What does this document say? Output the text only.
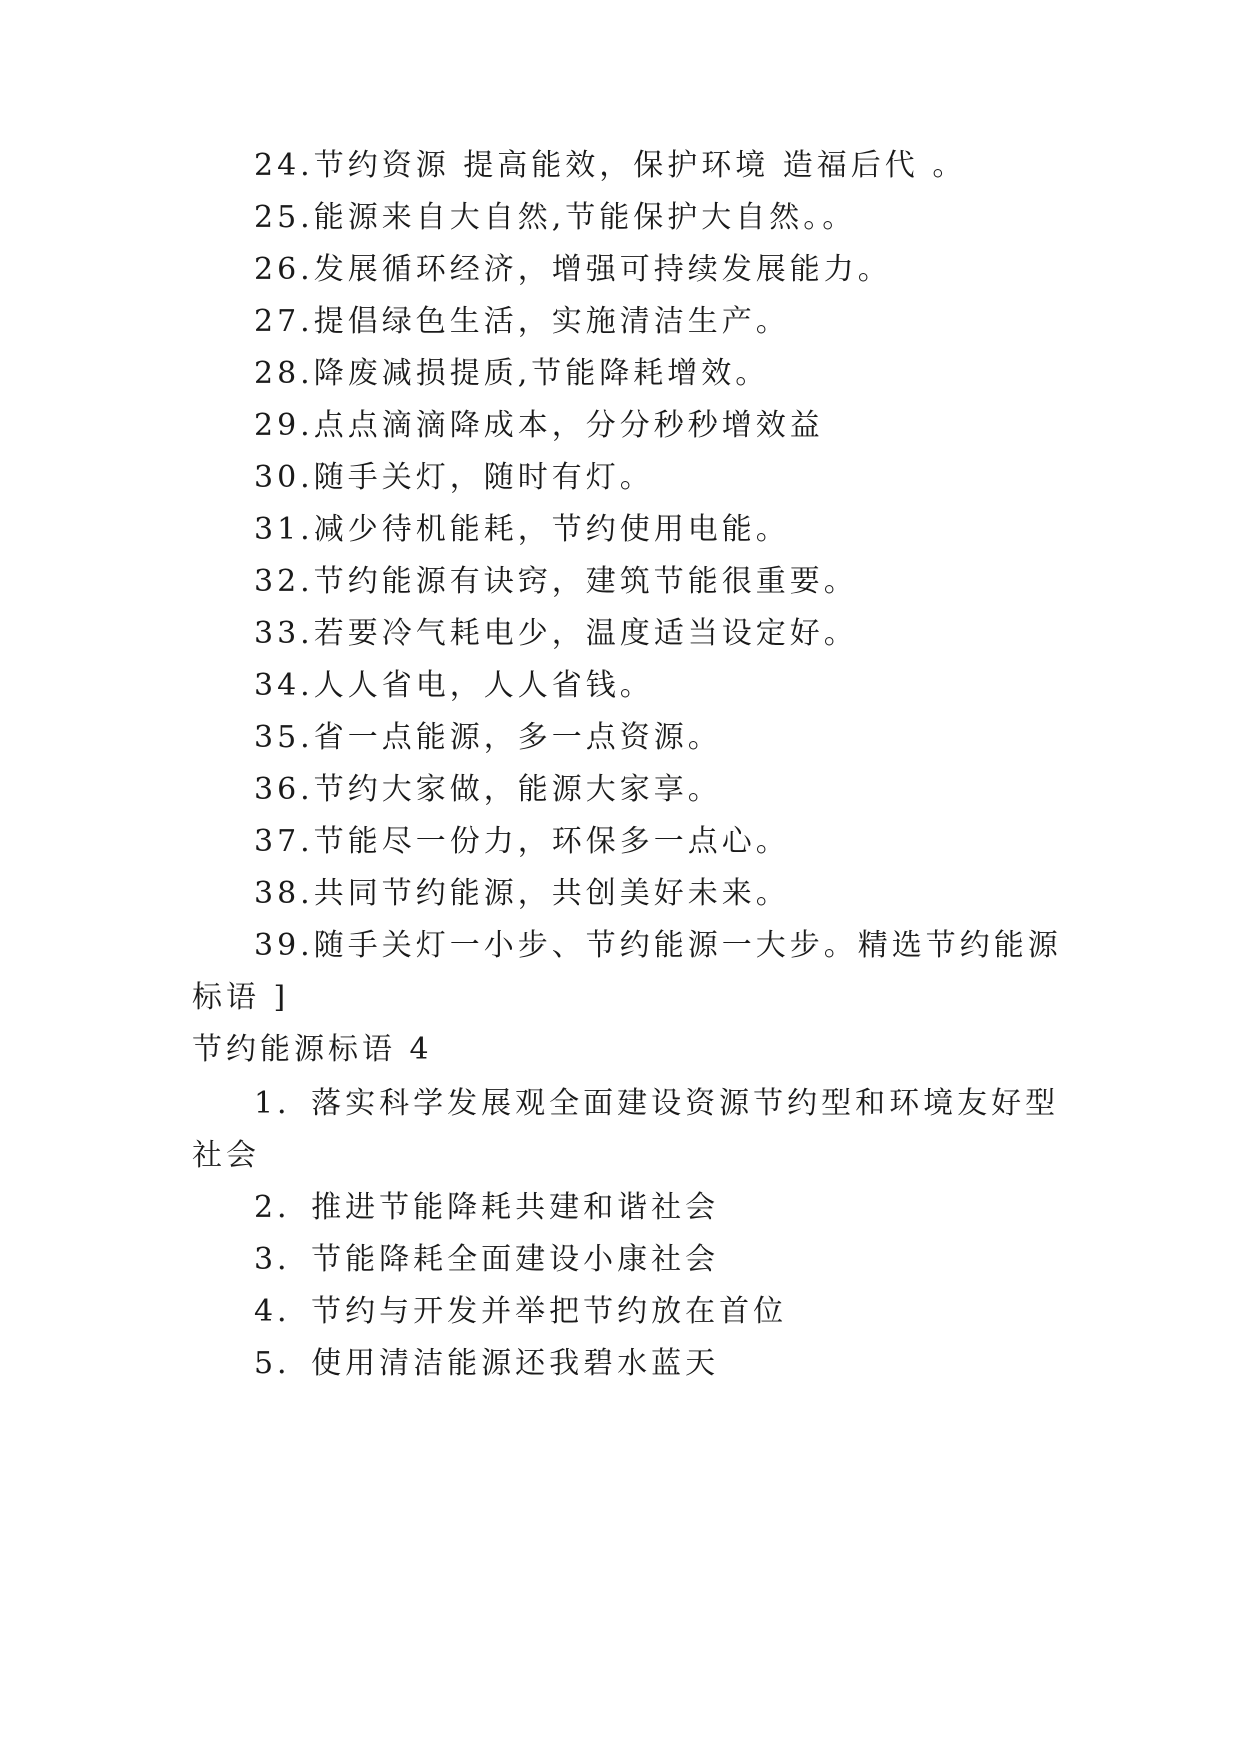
24.节约资源 提高能效，保护环境 造福后代 。
25.能源来自大自然,节能保护大自然。。
26.发展循环经济，增强可持续发展能力。
27.提倡绿色生活，实施清洁生产。
28.降废减损提质,节能降耗增效。
29.点点滴滴降成本，分分秒秒增效益
30.随手关灯，随时有灯。
31.减少待机能耗，节约使用电能。
32.节约能源有诀窍，建筑节能很重要。
33.若要冷气耗电少，温度适当设定好。
34.人人省电，人人省钱。
35.省一点能源，多一点资源。
36.节约大家做，能源大家享。
37.节能尽一份力，环保多一点心。
38.共同节约能源，共创美好未来。
39.随手关灯一小步、节约能源一大步。精选节约能源
标语 ]
节约能源标语 4
1．落实科学发展观全面建设资源节约型和环境友好型
社会
2．推进节能降耗共建和谐社会
3．节能降耗全面建设小康社会
4．节约与开发并举把节约放在首位
5．使用清洁能源还我碧水蓝天
